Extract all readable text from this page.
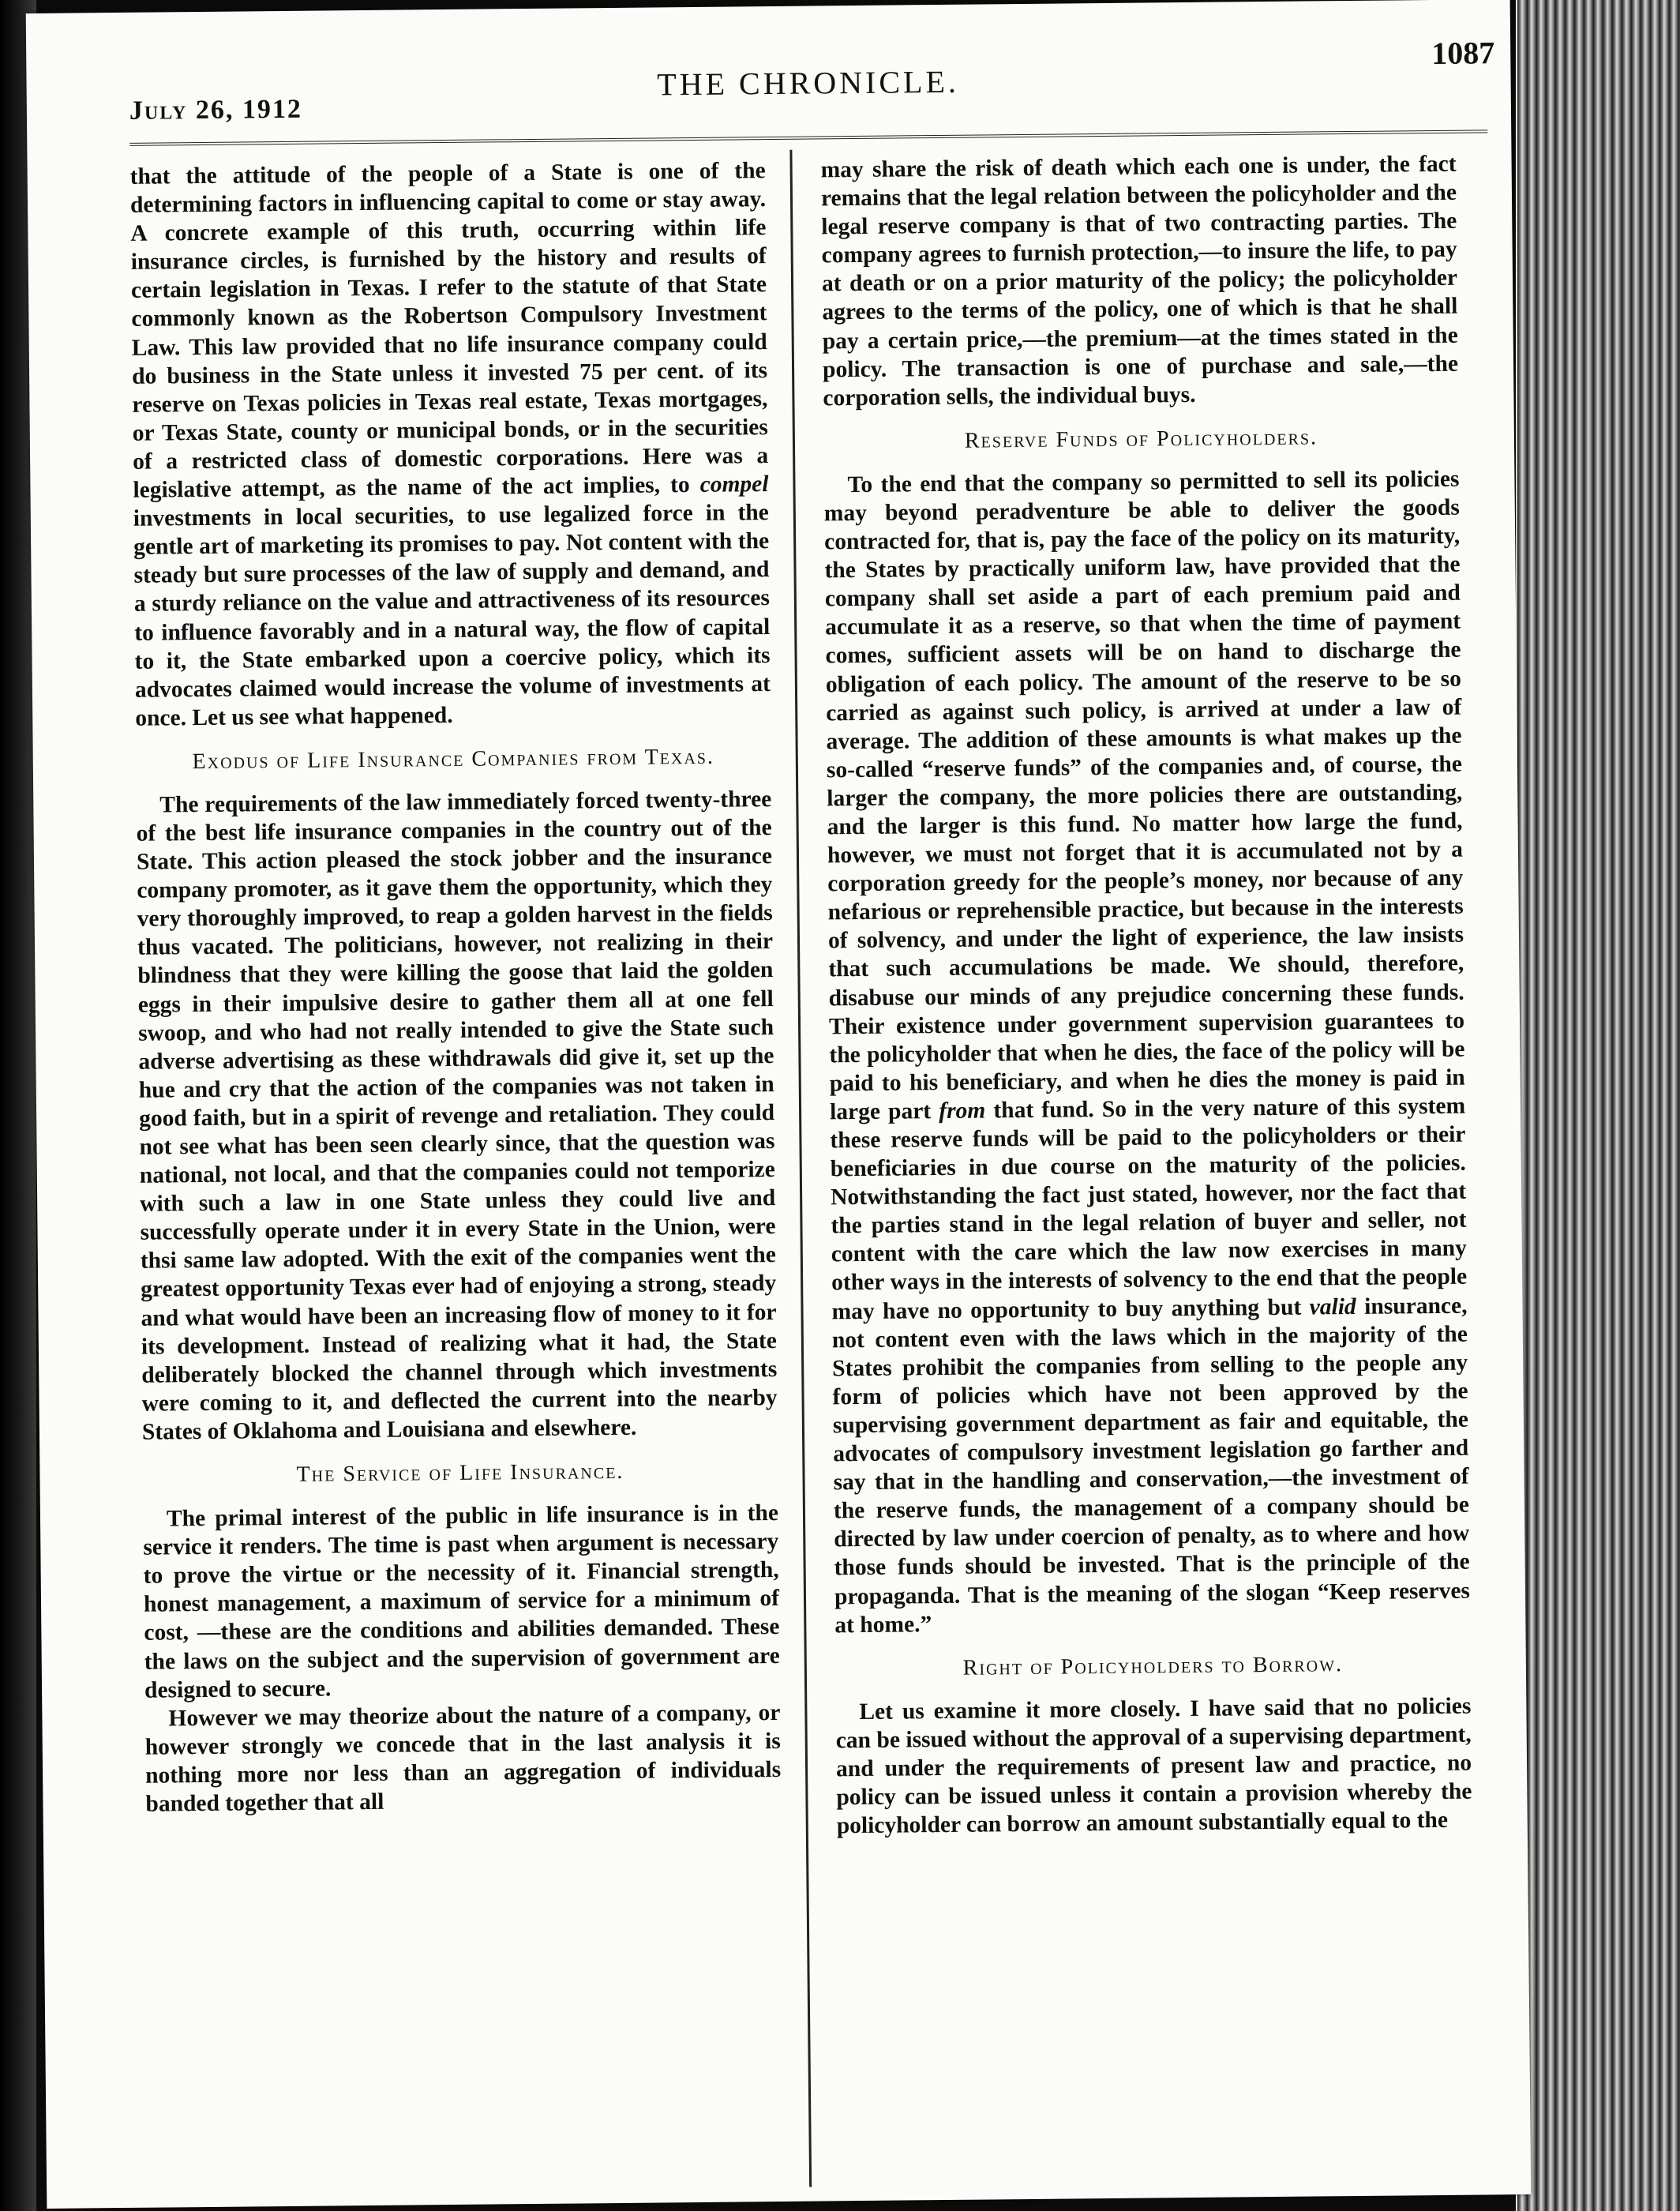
July 26, 1912
THE CHRONICLE.
1087

that the attitude of the people of a State is one of the determining factors in influencing capital to come or stay away. A concrete example of this truth, occurring within life insurance circles, is furnished by the history and results of certain legislation in Texas. I refer to the statute of that State commonly known as the Robertson Compulsory Investment Law. This law provided that no life insurance company could do business in the State unless it invested 75 per cent. of its reserve on Texas policies in Texas real estate, Texas mortgages, or Texas State, county or municipal bonds, or in the securities of a restricted class of domestic corporations. Here was a legislative attempt, as the name of the act implies, to compel investments in local securities, to use legalized force in the gentle art of marketing its promises to pay. Not content with the steady but sure processes of the law of supply and demand, and a sturdy reliance on the value and attractiveness of its resources to influence favorably and in a natural way, the flow of capital to it, the State embarked upon a coercive policy, which its advocates claimed would increase the volume of investments at once. Let us see what happened.

Exodus of Life Insurance Companies from Texas.

The requirements of the law immediately forced twenty-three of the best life insurance companies in the country out of the State. This action pleased the stock jobber and the insurance company promoter, as it gave them the opportunity, which they very thoroughly improved, to reap a golden harvest in the fields thus vacated. The politicians, however, not realizing in their blindness that they were killing the goose that laid the golden eggs in their impulsive desire to gather them all at one fell swoop, and who had not really intended to give the State such adverse advertising as these withdrawals did give it, set up the hue and cry that the action of the companies was not taken in good faith, but in a spirit of revenge and retaliation. They could not see what has been seen clearly since, that the question was national, not local, and that the companies could not temporize with such a law in one State unless they could live and successfully operate under it in every State in the Union, were thsi same law adopted. With the exit of the companies went the greatest opportunity Texas ever had of enjoying a strong, steady and what would have been an increasing flow of money to it for its development. Instead of realizing what it had, the State deliberately blocked the channel through which investments were coming to it, and deflected the current into the nearby States of Oklahoma and Louisiana and elsewhere.

The Service of Life Insurance.

The primal interest of the public in life insurance is in the service it renders. The time is past when argument is necessary to prove the virtue or the necessity of it. Financial strength, honest management, a maximum of service for a minimum of cost, —these are the conditions and abilities demanded. These the laws on the subject and the supervision of government are designed to secure.

However we may theorize about the nature of a company, or however strongly we concede that in the last analysis it is nothing more nor less than an aggregation of individuals banded together that all

may share the risk of death which each one is under, the fact remains that the legal relation between the policyholder and the legal reserve company is that of two contracting parties. The company agrees to furnish protection,—to insure the life, to pay at death or on a prior maturity of the policy; the policyholder agrees to the terms of the policy, one of which is that he shall pay a certain price,—the premium—at the times stated in the policy. The transaction is one of purchase and sale,—the corporation sells, the individual buys.

Reserve Funds of Policyholders.

To the end that the company so permitted to sell its policies may beyond peradventure be able to deliver the goods contracted for, that is, pay the face of the policy on its maturity, the States by practically uniform law, have provided that the company shall set aside a part of each premium paid and accumulate it as a reserve, so that when the time of payment comes, sufficient assets will be on hand to discharge the obligation of each policy. The amount of the reserve to be so carried as against such policy, is arrived at under a law of average. The addition of these amounts is what makes up the so-called “reserve funds” of the companies and, of course, the larger the company, the more policies there are outstanding, and the larger is this fund. No matter how large the fund, however, we must not forget that it is accumulated not by a corporation greedy for the people’s money, nor because of any nefarious or reprehensible practice, but because in the interests of solvency, and under the light of experience, the law insists that such accumulations be made. We should, therefore, disabuse our minds of any prejudice concerning these funds. Their existence under government supervision guarantees to the policyholder that when he dies, the face of the policy will be paid to his beneficiary, and when he dies the money is paid in large part from that fund. So in the very nature of this system these reserve funds will be paid to the policyholders or their beneficiaries in due course on the maturity of the policies. Notwithstanding the fact just stated, however, nor the fact that the parties stand in the legal relation of buyer and seller, not content with the care which the law now exercises in many other ways in the interests of solvency to the end that the people may have no opportunity to buy anything but valid insurance, not content even with the laws which in the majority of the States prohibit the companies from selling to the people any form of policies which have not been approved by the supervising government department as fair and equitable, the advocates of compulsory investment legislation go farther and say that in the handling and conservation,—the investment of the reserve funds, the management of a company should be directed by law under coercion of penalty, as to where and how those funds should be invested. That is the principle of the propaganda. That is the meaning of the slogan “Keep reserves at home.”

Right of Policyholders to Borrow.

Let us examine it more closely. I have said that no policies can be issued without the approval of a supervising department, and under the requirements of present law and practice, no policy can be issued unless it contain a provision whereby the policyholder can borrow an amount substantially equal to the
